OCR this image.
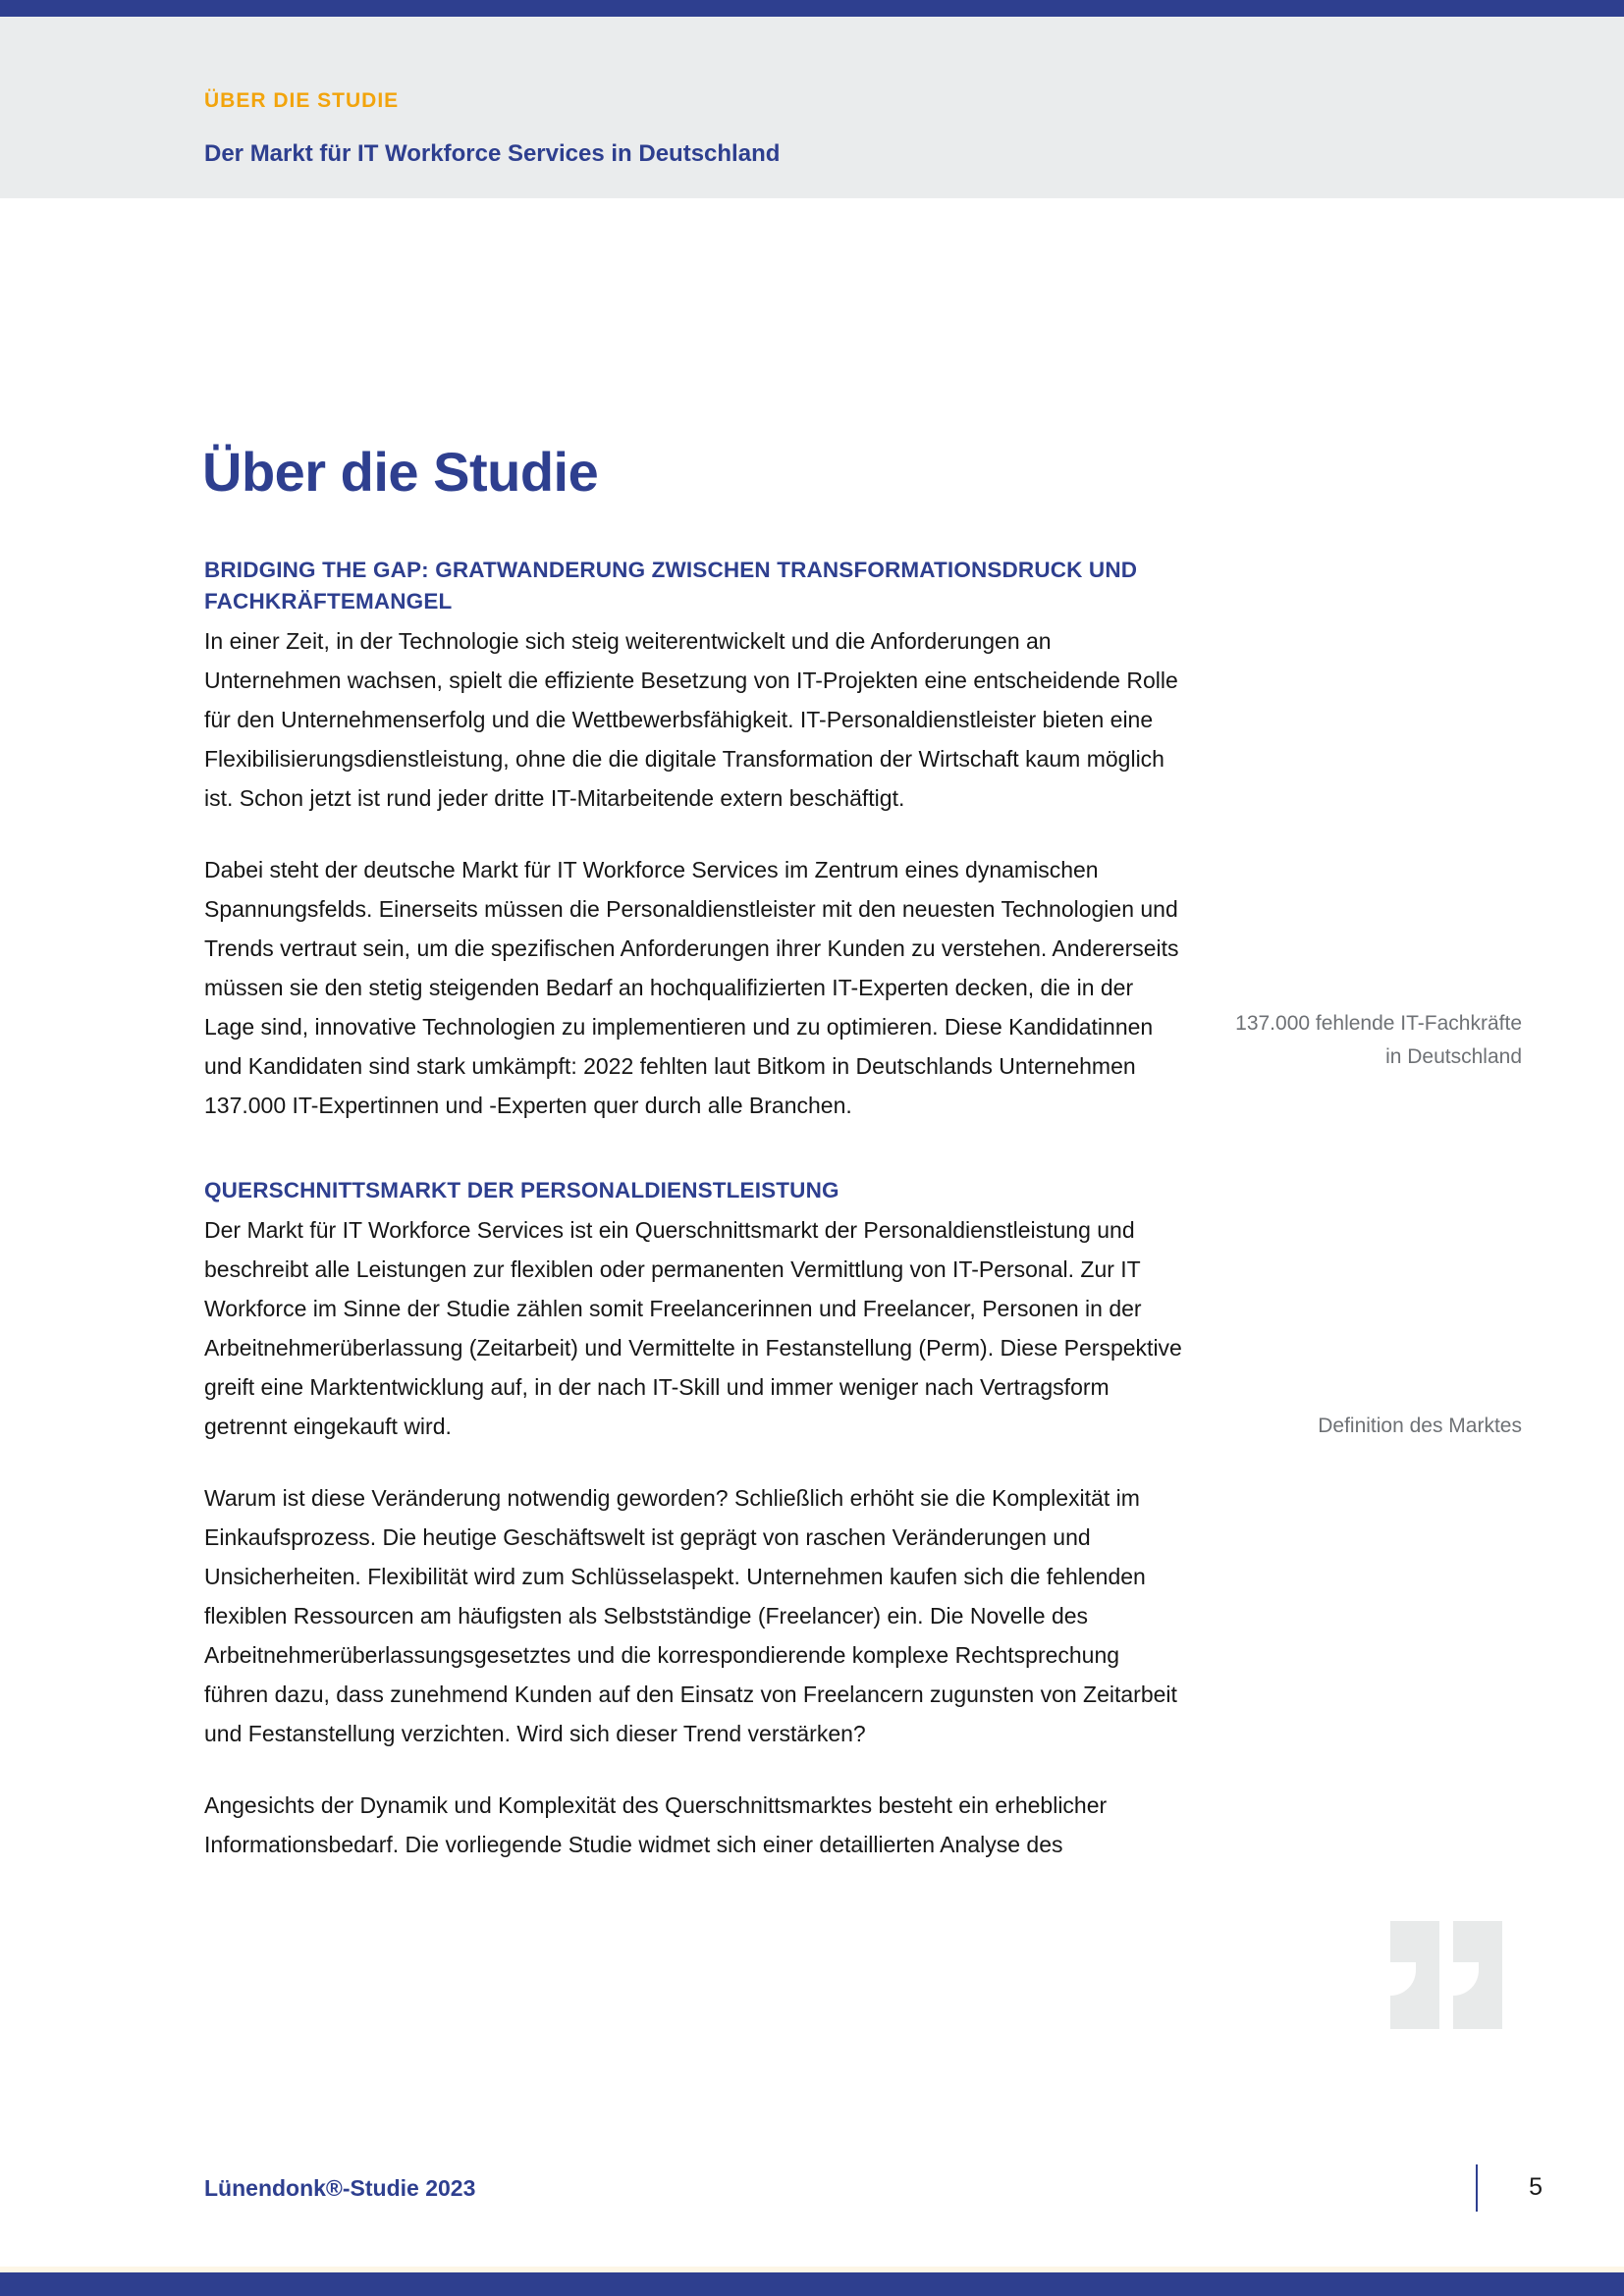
ÜBER DIE STUDIE
Der Markt für IT Workforce Services in Deutschland
Über die Studie
BRIDGING THE GAP: GRATWANDERUNG ZWISCHEN TRANSFORMATIONSDRUCK UND FACHKRÄFTEMANGEL

In einer Zeit, in der Technologie sich steig weiterentwickelt und die Anforderungen an Unternehmen wachsen, spielt die effiziente Besetzung von IT-Projekten eine entscheidende Rolle für den Unternehmenserfolg und die Wettbewerbsfähigkeit. IT-Personaldienstleister bieten eine Flexibilisierungsdienstleistung, ohne die die digitale Transformation der Wirtschaft kaum möglich ist. Schon jetzt ist rund jeder dritte IT-Mitarbeitende extern beschäftigt.

Dabei steht der deutsche Markt für IT Workforce Services im Zentrum eines dynamischen Spannungsfelds. Einerseits müssen die Personaldienstleister mit den neuesten Technologien und Trends vertraut sein, um die spezifischen Anforderungen ihrer Kunden zu verstehen. Andererseits müssen sie den stetig steigenden Bedarf an hochqualifizierten IT-Experten decken, die in der Lage sind, innovative Technologien zu implementieren und zu optimieren. Diese Kandidatinnen und Kandidaten sind stark umkämpft: 2022 fehlten laut Bitkom in Deutschlands Unternehmen 137.000 IT-Expertinnen und -Experten quer durch alle Branchen.

QUERSCHNITTSMARKT DER PERSONALDIENSTLEISTUNG

Der Markt für IT Workforce Services ist ein Querschnittsmarkt der Personaldienstleistung und beschreibt alle Leistungen zur flexiblen oder permanenten Vermittlung von IT-Personal. Zur IT Workforce im Sinne der Studie zählen somit Freelancerinnen und Freelancer, Personen in der Arbeitnehmerüberlassung (Zeitarbeit) und Vermittelte in Festanstellung (Perm). Diese Perspektive greift eine Marktentwicklung auf, in der nach IT-Skill und immer weniger nach Vertragsform getrennt eingekauft wird.

Warum ist diese Veränderung notwendig geworden? Schließlich erhöht sie die Komplexität im Einkaufsprozess. Die heutige Geschäftswelt ist geprägt von raschen Veränderungen und Unsicherheiten. Flexibilität wird zum Schlüsselaspekt. Unternehmen kaufen sich die fehlenden flexiblen Ressourcen am häufigsten als Selbstständige (Freelancer) ein. Die Novelle des Arbeitnehmerüberlassungsgesetztes und die korrespondierende komplexe Rechtsprechung führen dazu, dass zunehmend Kunden auf den Einsatz von Freelancern zugunsten von Zeitarbeit und Festanstellung verzichten. Wird sich dieser Trend verstärken?

Angesichts der Dynamik und Komplexität des Querschnittsmarktes besteht ein erheblicher Informationsbedarf. Die vorliegende Studie widmet sich einer detaillierten Analyse des

137.000 fehlende IT-Fachkräfte in Deutschland
Definition des Marktes
Lünendonk®-Studie 2023	5
